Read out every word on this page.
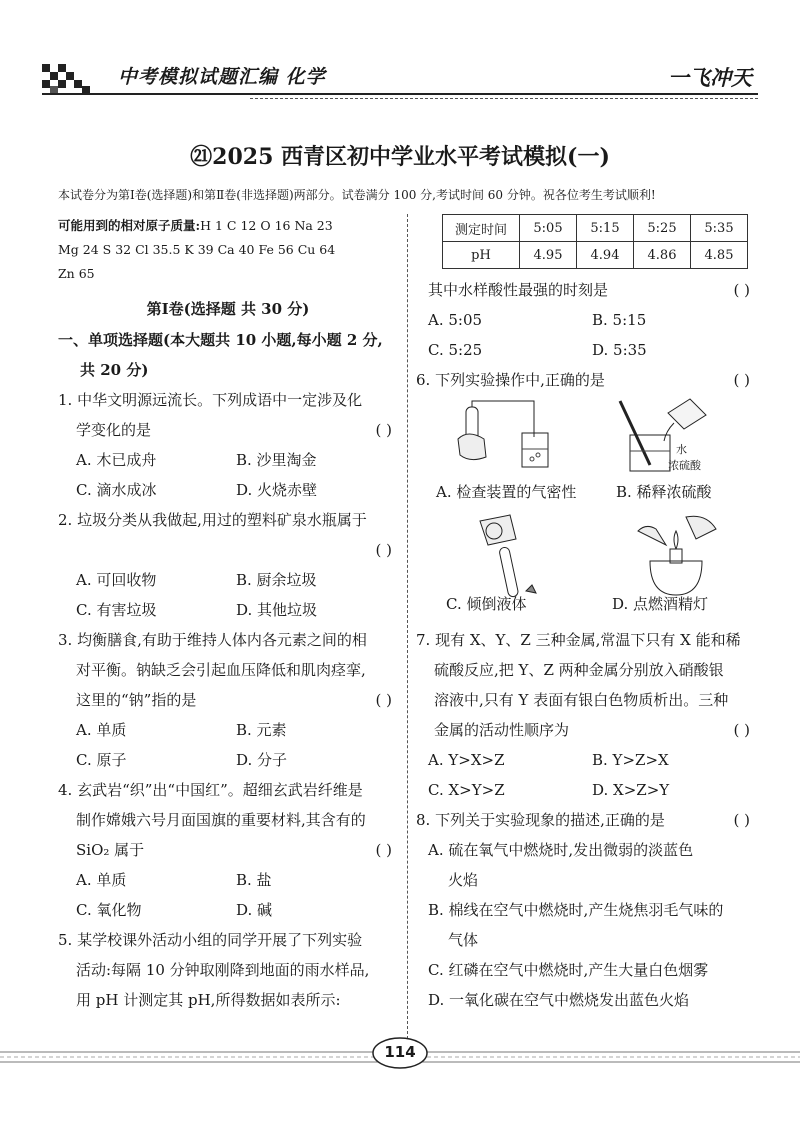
中考模拟试题汇编 化学	一飞冲天
㉑2025 西青区初中学业水平考试模拟(一)
本试卷分为第Ⅰ卷(选择题)和第Ⅱ卷(非选择题)两部分。试卷满分 100 分,考试时间 60 分钟。祝各位考生考试顺利!
可能用到的相对原子质量:H 1 C 12 O 16 Na 23
Mg 24 S 32 Cl 35.5 K 39 Ca 40 Fe 56 Cu 64
Zn 65
第Ⅰ卷(选择题 共 30 分)
一、单项选择题(本大题共 10 小题,每小题 2 分,
共 20 分)
1. 中华文明源远流长。下列成语中一定涉及化
学变化的是	( )
A. 木已成舟	B. 沙里淘金
C. 滴水成冰	D. 火烧赤壁
2. 垃圾分类从我做起,用过的塑料矿泉水瓶属于
( )
A. 可回收物	B. 厨余垃圾
C. 有害垃圾	D. 其他垃圾
3. 均衡膳食,有助于维持人体内各元素之间的相
对平衡。钠缺乏会引起血压降低和肌肉痉挛,
这里的“钠”指的是	( )
A. 单质	B. 元素
C. 原子	D. 分子
4. 玄武岩“织”出“中国红”。超细玄武岩纤维是
制作嫦娥六号月面国旗的重要材料,其含有的
SiO₂ 属于	( )
A. 单质	B. 盐
C. 氧化物	D. 碱
5. 某学校课外活动小组的同学开展了下列实验
活动:每隔 10 分钟取刚降到地面的雨水样品,
用 pH 计测定其 pH,所得数据如表所示:
测定时间	5:05	5:15	5:25	5:35
pH	4.95	4.94	4.86	4.85
其中水样酸性最强的时刻是	( )
A. 5:05	B. 5:15
C. 5:25	D. 5:35
6. 下列实验操作中,正确的是	( )
水
浓硫酸
A. 检查装置的气密性	B. 稀释浓硫酸
C. 倾倒液体	D. 点燃酒精灯
7. 现有 X、Y、Z 三种金属,常温下只有 X 能和稀
硫酸反应,把 Y、Z 两种金属分别放入硝酸银
溶液中,只有 Y 表面有银白色物质析出。三种
金属的活动性顺序为	( )
A. Y>X>Z	B. Y>Z>X
C. X>Y>Z	D. X>Z>Y
8. 下列关于实验现象的描述,正确的是	( )
A. 硫在氧气中燃烧时,发出微弱的淡蓝色
火焰
B. 棉线在空气中燃烧时,产生烧焦羽毛气味的
气体
C. 红磷在空气中燃烧时,产生大量白色烟雾
D. 一氧化碳在空气中燃烧发出蓝色火焰
114
